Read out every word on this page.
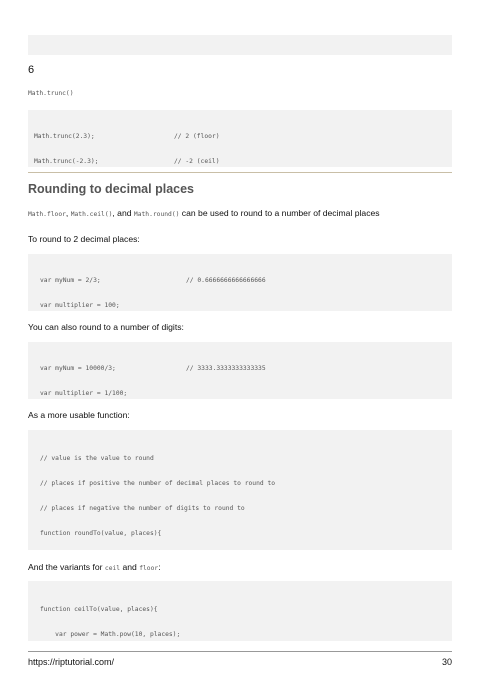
6
Math.trunc()

Math.trunc(2.3);	// 2 (floor)

Math.trunc(-2.3);	// -2 (ceil)

Rounding to decimal places
Math.floor, Math.ceil(), and Math.round() can be used to round to a number of decimal places
To round to 2 decimal places:

var myNum = 2/3;	// 0.6666666666666666

var multiplier = 100;

You can also round to a number of digits:

var myNum = 10000/3;	// 3333.3333333333335

var multiplier = 1/100;

As a more usable function:

// value is the value to round

// places if positive the number of decimal places to round to

// places if negative the number of digits to round to

function roundTo(value, places){

And the variants for ceil and floor:

function ceilTo(value, places){

var power = Math.pow(10, places);

https://riptutorial.com/	30
